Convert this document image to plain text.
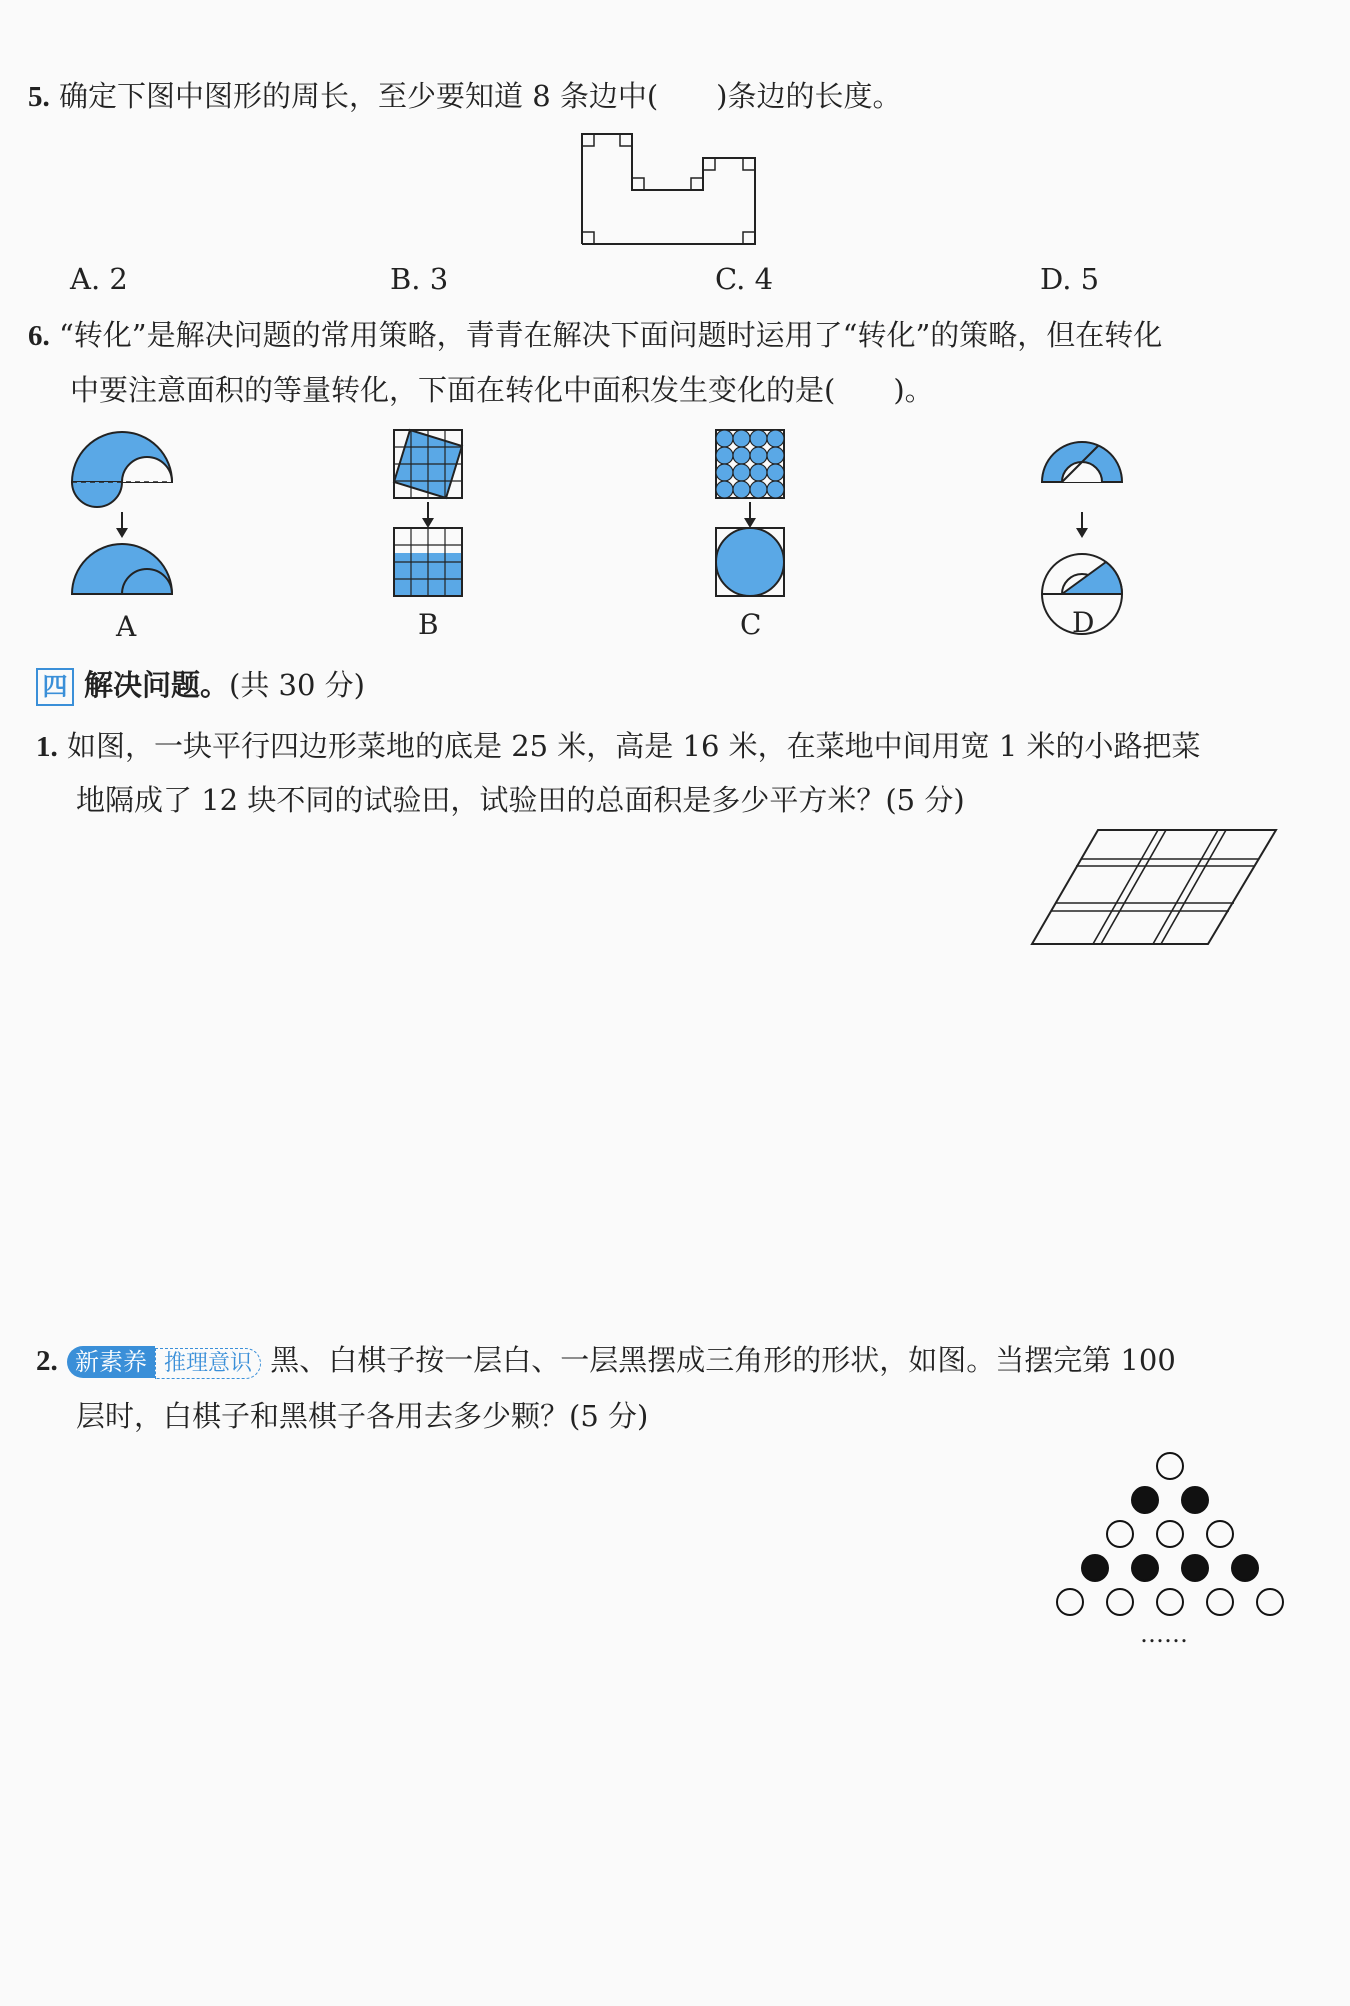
5. 确定下图中图形的周长，至少要知道 8 条边中(　　)条边的长度。
A. 2	B. 3	C. 4	D. 5
6. “转化”是解决问题的常用策略，青青在解决下面问题时运用了“转化”的策略，但在转化
中要注意面积的等量转化，下面在转化中面积发生变化的是(　　)。
A	B	C	D
四 解决问题。(共 30 分)
1. 如图，一块平行四边形菜地的底是 25 米，高是 16 米，在菜地中间用宽 1 米的小路把菜
地隔成了 12 块不同的试验田，试验田的总面积是多少平方米？(5 分)
2. 新素养 推理意识 黑、白棋子按一层白、一层黑摆成三角形的形状，如图。当摆完第 100
层时，白棋子和黑棋子各用去多少颗？(5 分)
……
